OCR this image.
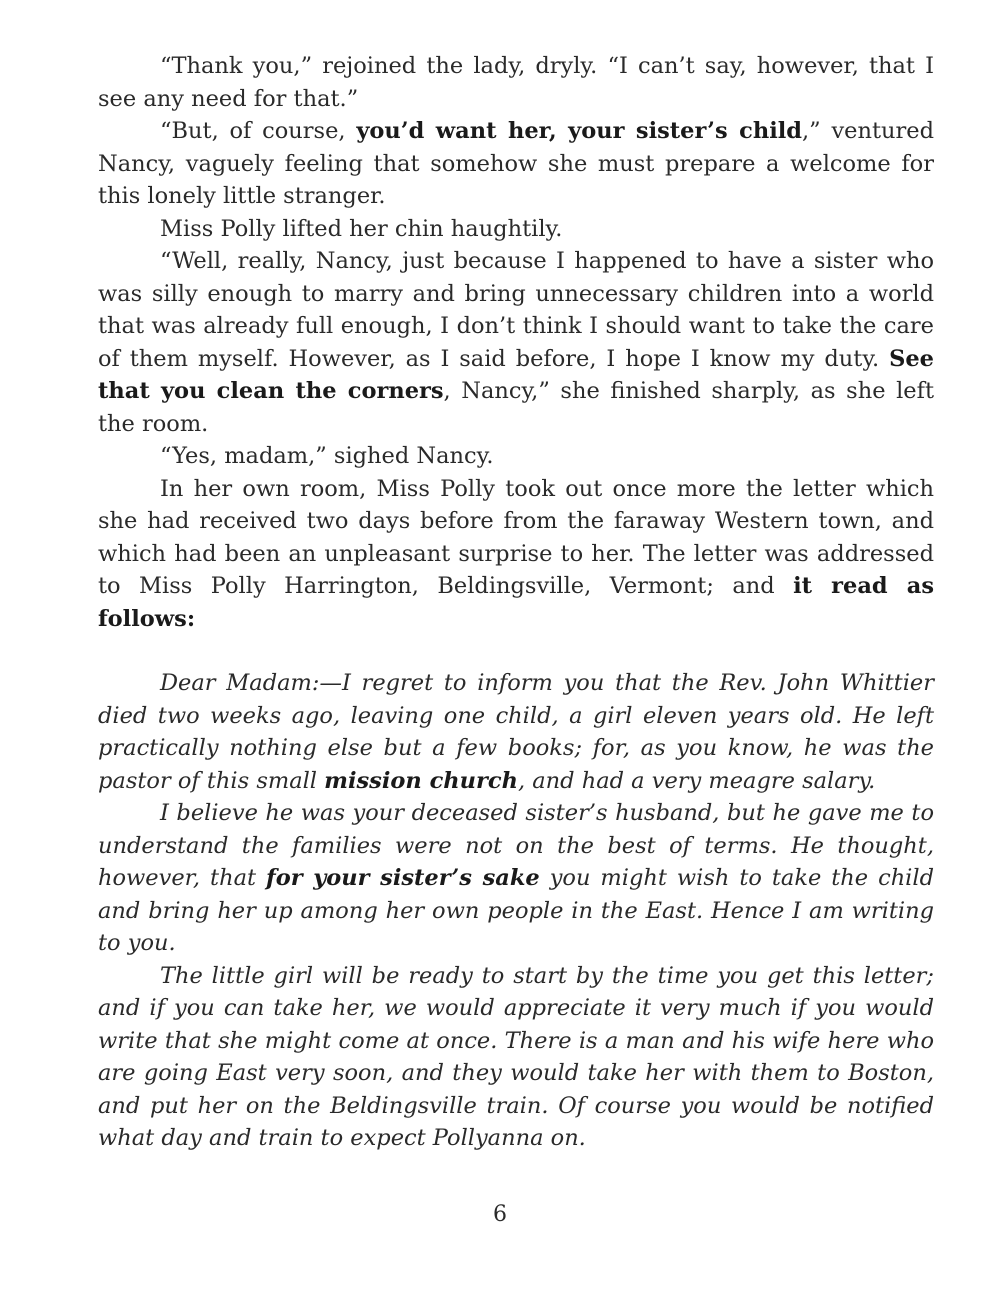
“Thank you,” rejoined the lady, dryly. “I can’t say, however, that I see any need for that.”

“But, of course, you’d want her, your sister’s child,” ventured Nancy, vaguely feeling that somehow she must prepare a welcome for this lonely little stranger.

Miss Polly lifted her chin haughtily.

“Well, really, Nancy, just because I happened to have a sister who was silly enough to marry and bring unnecessary children into a world that was already full enough, I don’t think I should want to take the care of them myself. However, as I said before, I hope I know my duty. See that you clean the corners, Nancy,” she finished sharply, as she left the room.

“Yes, madam,” sighed Nancy.

In her own room, Miss Polly took out once more the letter which she had received two days before from the faraway Western town, and which had been an unpleasant surprise to her. The letter was addressed to Miss Polly Harrington, Beldingsville, Vermont; and it read as follows:

Dear Madam:—I regret to inform you that the Rev. John Whittier died two weeks ago, leaving one child, a girl eleven years old. He left practically nothing else but a few books; for, as you know, he was the pastor of this small mission church, and had a very meagre salary.

I believe he was your deceased sister’s husband, but he gave me to understand the families were not on the best of terms. He thought, however, that for your sister’s sake you might wish to take the child and bring her up among her own people in the East. Hence I am writing to you.

The little girl will be ready to start by the time you get this letter; and if you can take her, we would appreciate it very much if you would write that she might come at once. There is a man and his wife here who are going East very soon, and they would take her with them to Boston, and put her on the Beldingsville train. Of course you would be notified what day and train to expect Pollyanna on.

6
